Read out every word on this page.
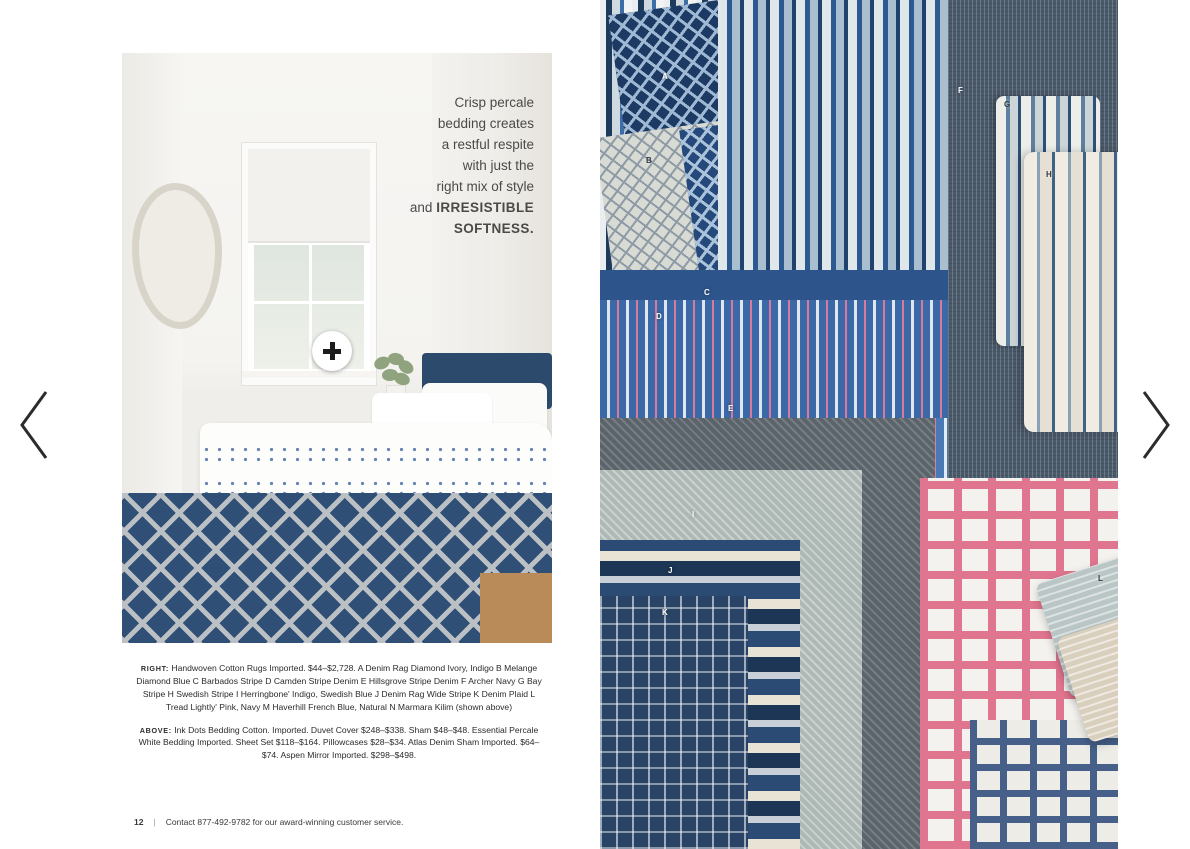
Crisp percale
bedding creates
a restful respite
with just the
right mix of style
and IRRESISTIBLE
SOFTNESS.
RIGHT: Handwoven Cotton Rugs Imported. $44–$2,728. A Denim Rag Diamond Ivory, Indigo B Melange Diamond Blue C Barbados Stripe D Camden Stripe Denim E Hillsgrove Stripe Denim F Archer Navy G Bay Stripe H Swedish Stripe I Herringbone' Indigo, Swedish Blue J Denim Rag Wide Stripe K Denim Plaid L Tread Lightly' Pink, Navy M Haverhill French Blue, Natural N Marmara Kilim (shown above)
ABOVE: Ink Dots Bedding Cotton. Imported. Duvet Cover $248–$338. Sham $48–$48. Essential Percale White Bedding Imported. Sheet Set $118–$164. Pillowcases $28–$34. Atlas Denim Sham Imported. $64–$74. Aspen Mirror Imported. $298–$498.
12 | Contact 877-492-9782 for our award-winning customer service.
A
B
C
D
E
F
G
H
I
J
K
L
